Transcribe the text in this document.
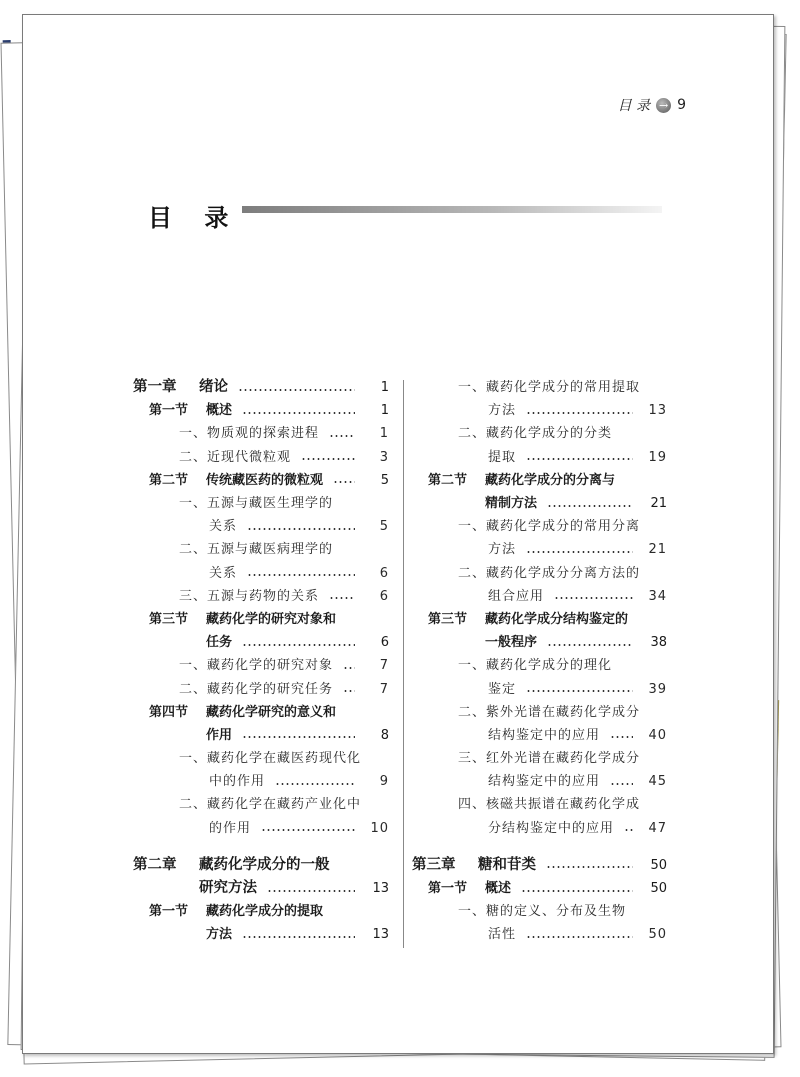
目 录 → 9
目 录
第一章	绪论	1
第一节	概述	1
一、物质观的探索进程	1
二、近现代微粒观	3
第二节	传统藏医药的微粒观	5
一、五源与藏医生理学的
关系	5
二、五源与藏医病理学的
关系	6
三、五源与药物的关系	6
第三节	藏药化学的研究对象和
任务	6
一、藏药化学的研究对象	7
二、藏药化学的研究任务	7
第四节	藏药化学研究的意义和
作用	8
一、藏药化学在藏医药现代化
中的作用	9
二、藏药化学在藏药产业化中
的作用	10
第二章	藏药化学成分的一般
研究方法	13
第一节	藏药化学成分的提取
方法	13
一、藏药化学成分的常用提取
方法	13
二、藏药化学成分的分类
提取	19
第二节	藏药化学成分的分离与
精制方法	21
一、藏药化学成分的常用分离
方法	21
二、藏药化学成分分离方法的
组合应用	34
第三节	藏药化学成分结构鉴定的
一般程序	38
一、藏药化学成分的理化
鉴定	39
二、紫外光谱在藏药化学成分
结构鉴定中的应用	40
三、红外光谱在藏药化学成分
结构鉴定中的应用	45
四、核磁共振谱在藏药化学成
分结构鉴定中的应用	47
第三章	糖和苷类	50
第一节	概述	50
一、糖的定义、分布及生物
活性	50
